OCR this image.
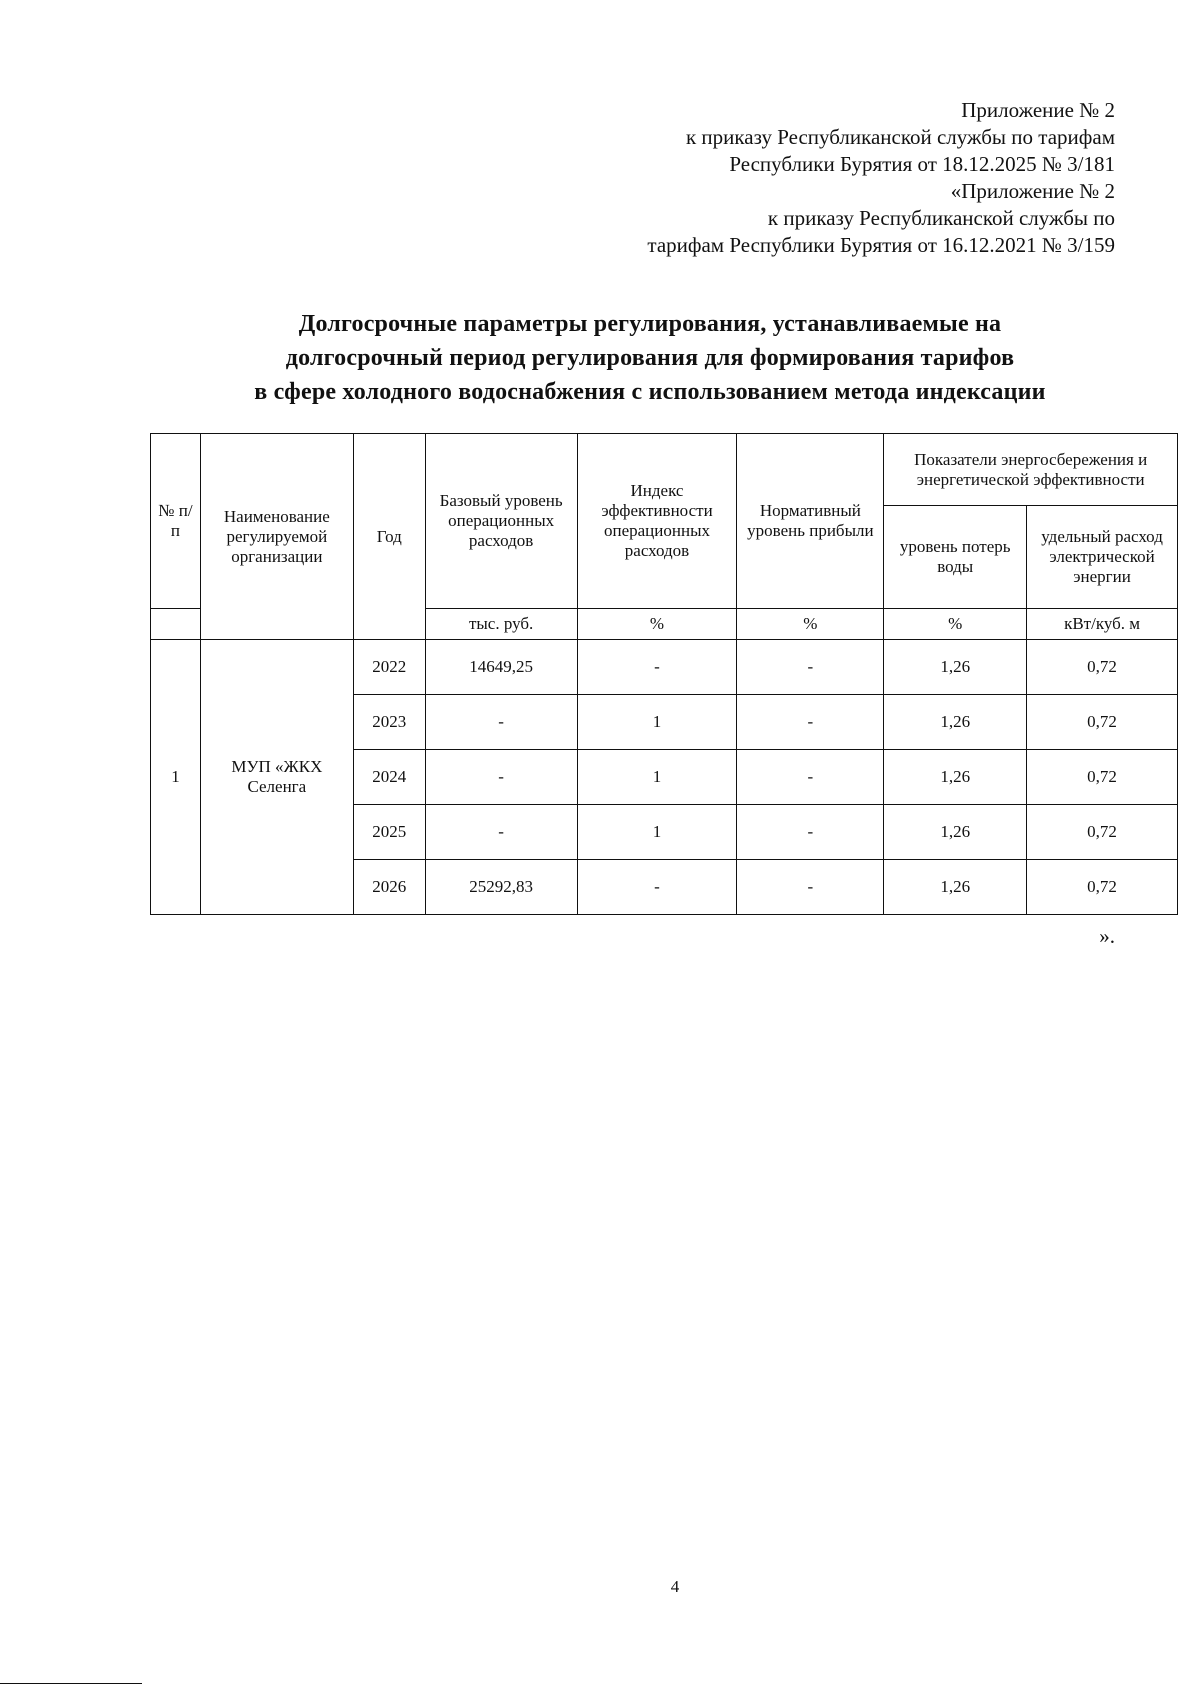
Приложение № 2
к приказу Республиканской службы по тарифам
Республики Бурятия от 18.12.2025 № 3/181
«Приложение № 2
к приказу Республиканской службы по
тарифам Республики Бурятия от 16.12.2021 № 3/159
Долгосрочные параметры регулирования, устанавливаемые на
долгосрочный период регулирования для формирования тарифов
в сфере холодного водоснабжения с использованием метода индексации
№ п/п	Наименование регулируемой организации	Год	Базовый уровень операционных расходов	Индекс эффективности операционных расходов	Нормативный уровень прибыли	Показатели энергосбережения и энергетической эффективности	
						уровень потерь воды	удельный расход электрической энергии
			тыс. руб.	%	%	%	кВт/куб. м
1	МУП «ЖКХ Селенга	2022	14649,25	-	-	1,26	0,72
		2023	-	1	-	1,26	0,72
		2024	-	1	-	1,26	0,72
		2025	-	1	-	1,26	0,72
		2026	25292,83	-	-	1,26	0,72
».
4
